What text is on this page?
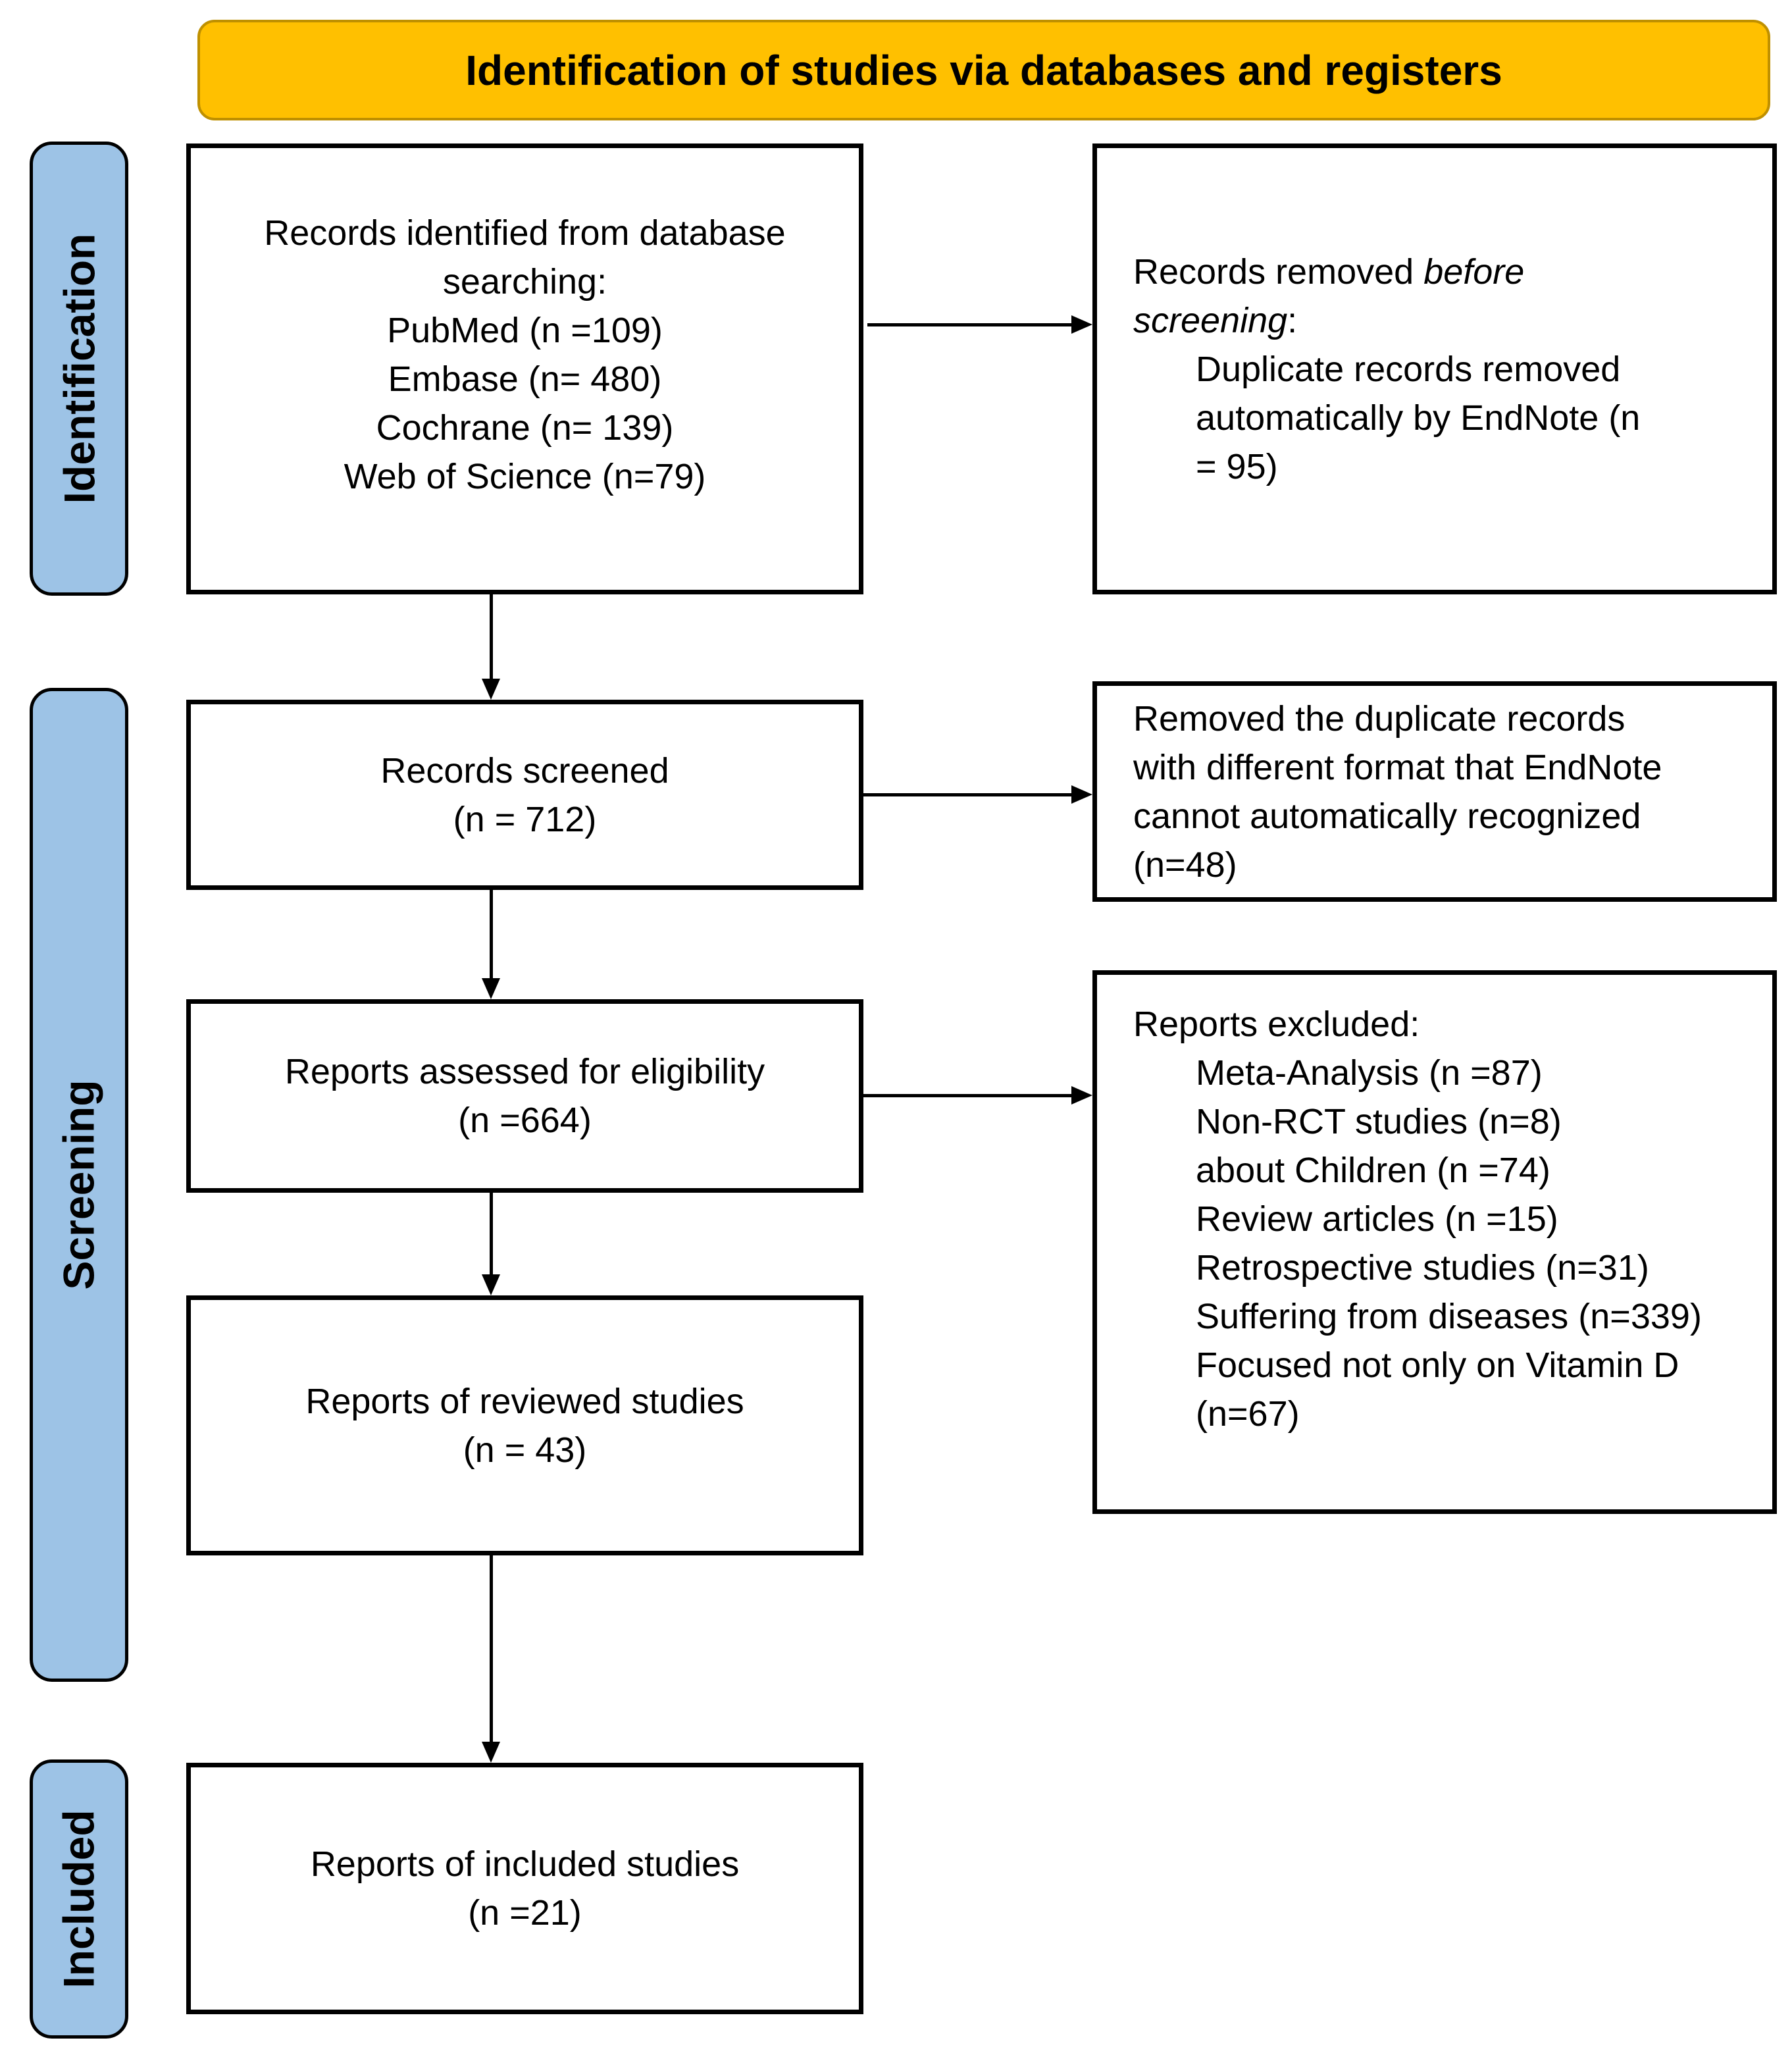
Identification of studies via databases and registers
Identification
Screening
Included
Records identified from database
searching:
PubMed (n =109)
Embase (n= 480)
Cochrane (n= 139)
Web of Science (n=79)
Records removed before
screening:
Duplicate records removed
automatically by EndNote (n
= 95)
Records screened
(n = 712)
Removed the duplicate records
with different format that EndNote
cannot automatically recognized
(n=48)
Reports assessed for eligibility
(n =664)
Reports excluded:
Meta-Analysis (n =87)
Non-RCT studies (n=8)
about Children (n =74)
Review articles (n =15)
Retrospective studies (n=31)
Suffering from diseases (n=339)
Focused not only on Vitamin D (n=67)
Reports of reviewed studies
(n = 43)
Reports of included studies
(n =21)
